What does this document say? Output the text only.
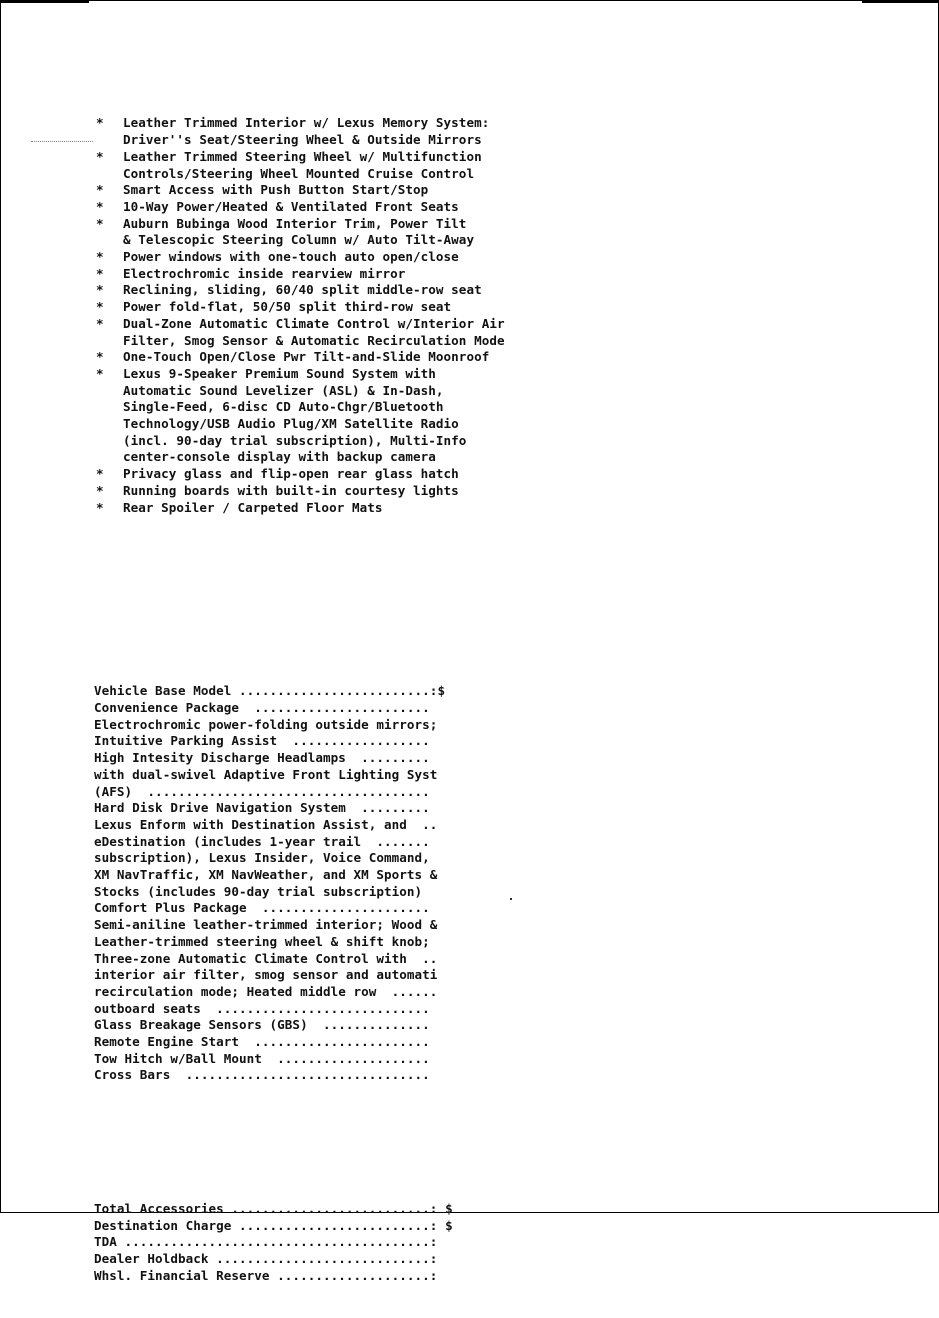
*	Leather Trimmed Interior w/ Lexus Memory System:
Driver''s Seat/Steering Wheel & Outside Mirrors
*	Leather Trimmed Steering Wheel w/ Multifunction
Controls/Steering Wheel Mounted Cruise Control
*	Smart Access with Push Button Start/Stop
*	10-Way Power/Heated & Ventilated Front Seats
*	Auburn Bubinga Wood Interior Trim, Power Tilt
& Telescopic Steering Column w/ Auto Tilt-Away
*	Power windows with one-touch auto open/close
*	Electrochromic inside rearview mirror
*	Reclining, sliding, 60/40 split middle-row seat
*	Power fold-flat, 50/50 split third-row seat
*	Dual-Zone Automatic Climate Control w/Interior Air
Filter, Smog Sensor & Automatic Recirculation Mode
*	One-Touch Open/Close Pwr Tilt-and-Slide Moonroof
*	Lexus 9-Speaker Premium Sound System with
Automatic Sound Levelizer (ASL) & In-Dash,
Single-Feed, 6-disc CD Auto-Chgr/Bluetooth
Technology/USB Audio Plug/XM Satellite Radio
(incl. 90-day trial subscription), Multi-Info
center-console display with backup camera
*	Privacy glass and flip-open rear glass hatch
*	Running boards with built-in courtesy lights
*	Rear Spoiler / Carpeted Floor Mats

Vehicle Base Model .........................:$
Convenience Package  .......................
Electrochromic power-folding outside mirrors;
Intuitive Parking Assist  ..................
High Intesity Discharge Headlamps  .........
with dual-swivel Adaptive Front Lighting Syst
(AFS)  .....................................
Hard Disk Drive Navigation System  .........
Lexus Enform with Destination Assist, and  ..
eDestination (includes 1-year trail  .......
subscription), Lexus Insider, Voice Command,
XM NavTraffic, XM NavWeather, and XM Sports &
Stocks (includes 90-day trial subscription)
Comfort Plus Package  ......................
Semi-aniline leather-trimmed interior; Wood &
Leather-trimmed steering wheel & shift knob;
Three-zone Automatic Climate Control with  ..
interior air filter, smog sensor and automati
recirculation mode; Heated middle row  ......
outboard seats  ............................
Glass Breakage Sensors (GBS)  ..............
Remote Engine Start  .......................
Tow Hitch w/Ball Mount  ....................
Cross Bars  ................................

Total Accessories ..........................: $
Destination Charge .........................: $
TDA ........................................:
Dealer Holdback ............................:
Whsl. Financial Reserve ....................:
